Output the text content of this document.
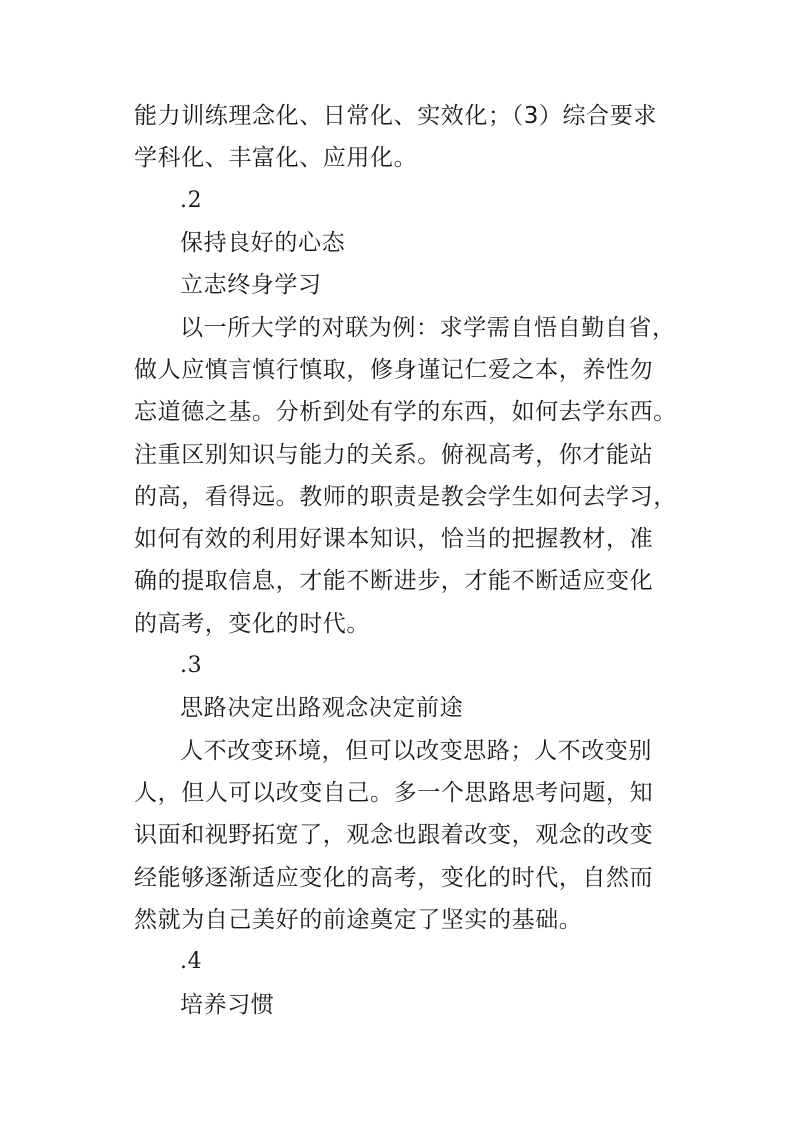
能力训练理念化、日常化、实效化；（3）综合要求
学科化、丰富化、应用化。
.2
保持良好的心态
立志终身学习
以一所大学的对联为例：求学需自悟自勤自省，
做人应慎言慎行慎取，修身谨记仁爱之本，养性勿
忘道德之基。分析到处有学的东西，如何去学东西。
注重区别知识与能力的关系。俯视高考，你才能站
的高，看得远。教师的职责是教会学生如何去学习，
如何有效的利用好课本知识，恰当的把握教材，准
确的提取信息，才能不断进步，才能不断适应变化
的高考，变化的时代。
.3
思路决定出路观念决定前途
人不改变环境，但可以改变思路；人不改变别
人，但人可以改变自己。多一个思路思考问题，知
识面和视野拓宽了，观念也跟着改变，观念的改变
经能够逐渐适应变化的高考，变化的时代，自然而
然就为自己美好的前途奠定了坚实的基础。
.4
培养习惯
